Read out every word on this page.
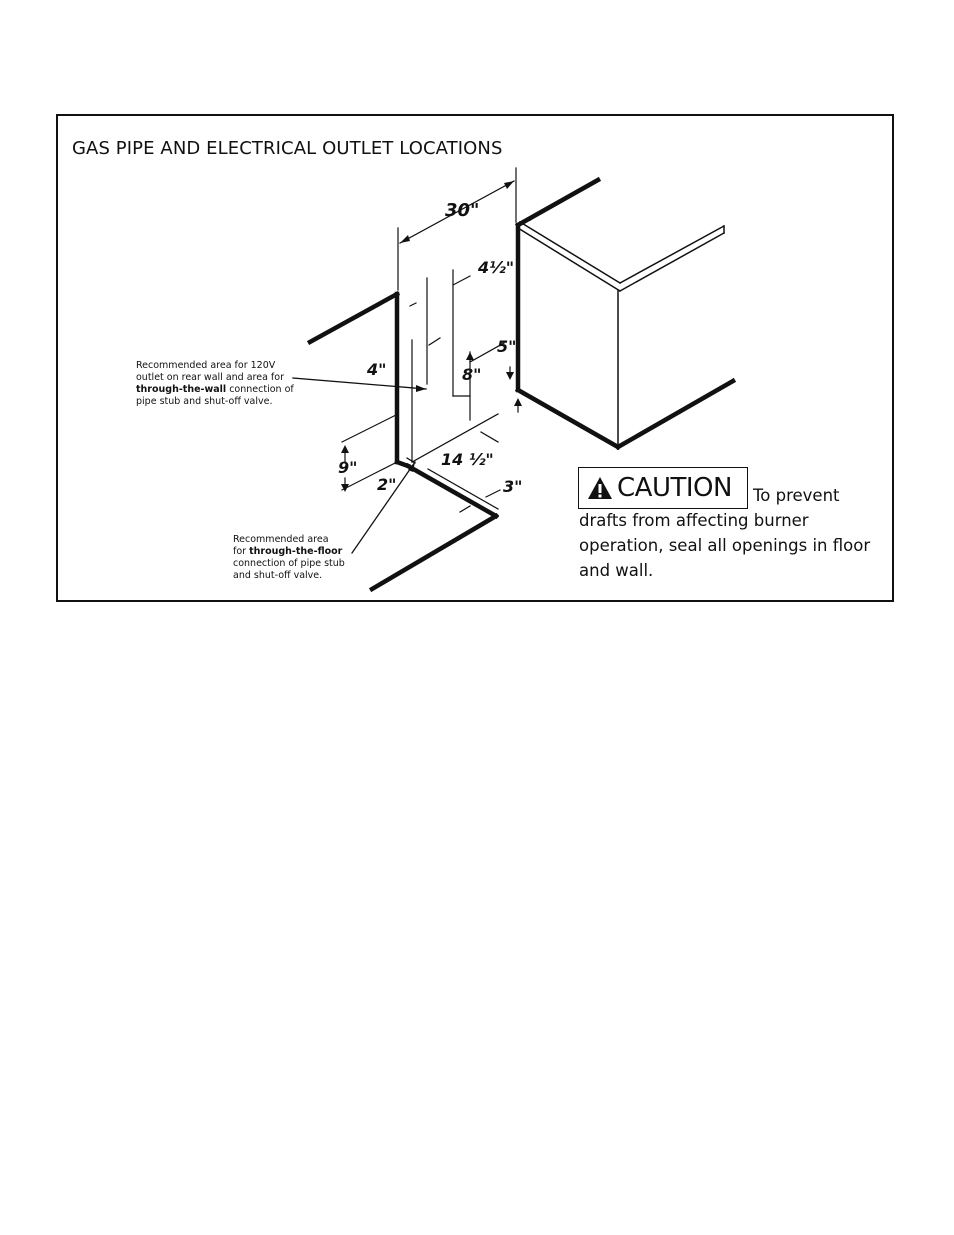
GAS PIPE AND ELECTRICAL OUTLET LOCATIONS
30"
4½"
5"
4"	8"
9"
2"
14 ½"
3"
Recommended area for 120V
outlet on rear wall and area for
through-the-wall connection of
pipe stub and shut-off valve.
Recommended area
for through-the-floor
connection of pipe stub
and shut-off valve.
CAUTION To prevent
drafts from affecting burner
operation, seal all openings in floor
and wall.
